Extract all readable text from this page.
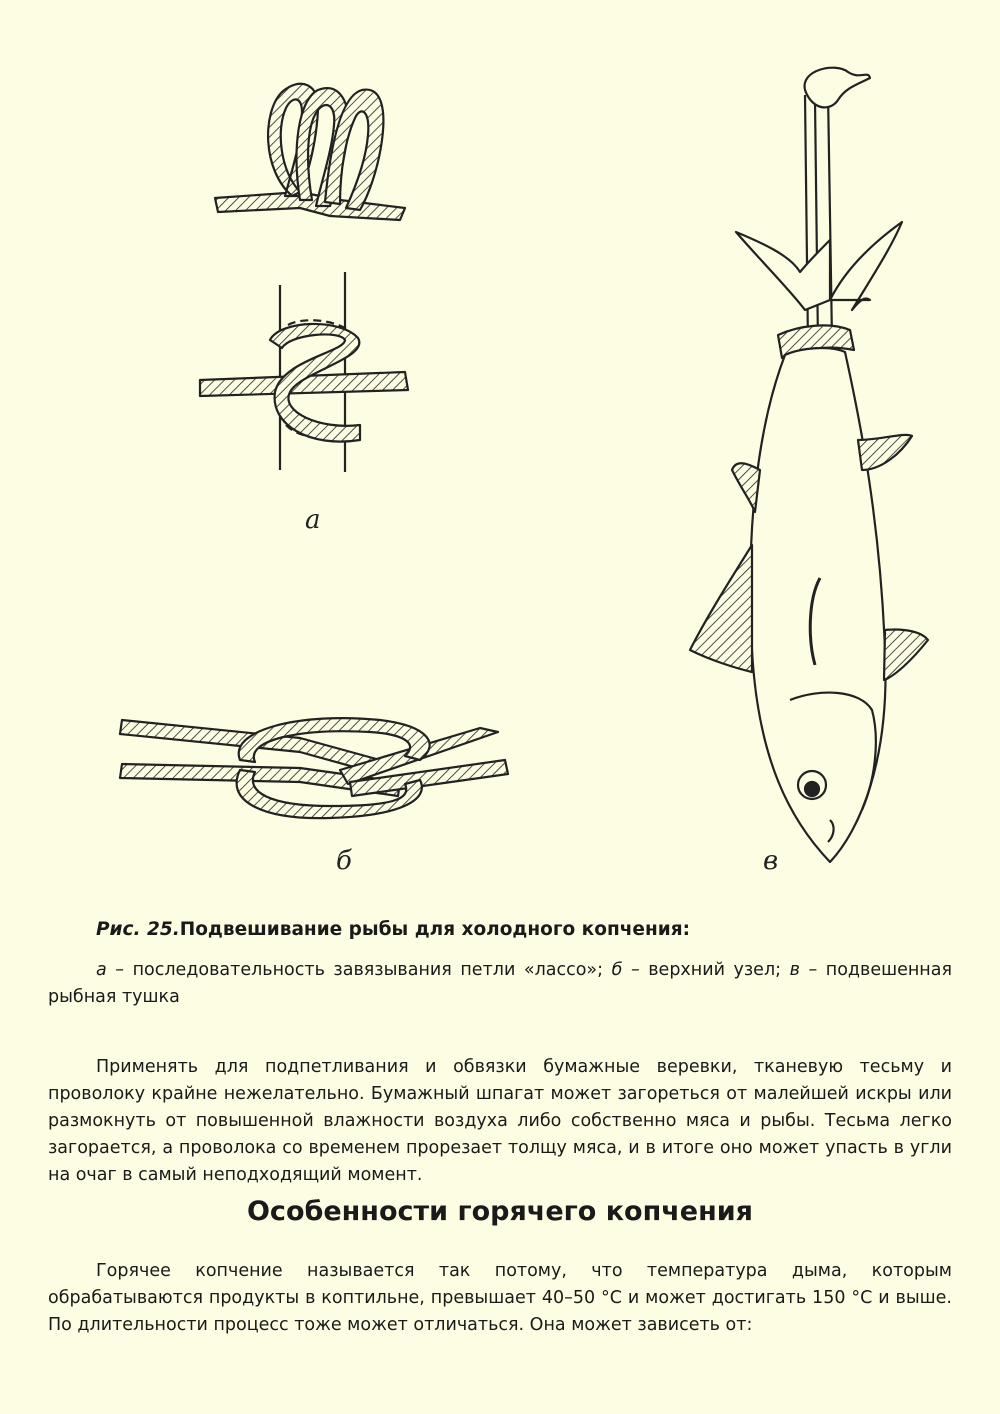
а
б	в
Рис. 25.Подвешивание рыбы для холодного копчения:
а – последовательность завязывания петли «лассо»; б – верхний узел; в – подвешенная рыбная тушка

Применять для подпетливания и обвязки бумажные веревки, тканевую тесьму и проволоку крайне нежелательно. Бумажный шпагат может загореться от малейшей искры или размокнуть от повышенной влажности воздуха либо собственно мяса и рыбы. Тесьма легко загорается, а проволока со временем прорезает толщу мяса, и в итоге оно может упасть в угли на очаг в самый неподходящий момент.

Особенности горячего копчения

Горячее копчение называется так потому, что температура дыма, которым обрабатываются продукты в коптильне, превышает 40–50 °C и может достигать 150 °C и выше. По длительности процесс тоже может отличаться. Она может зависеть от:
